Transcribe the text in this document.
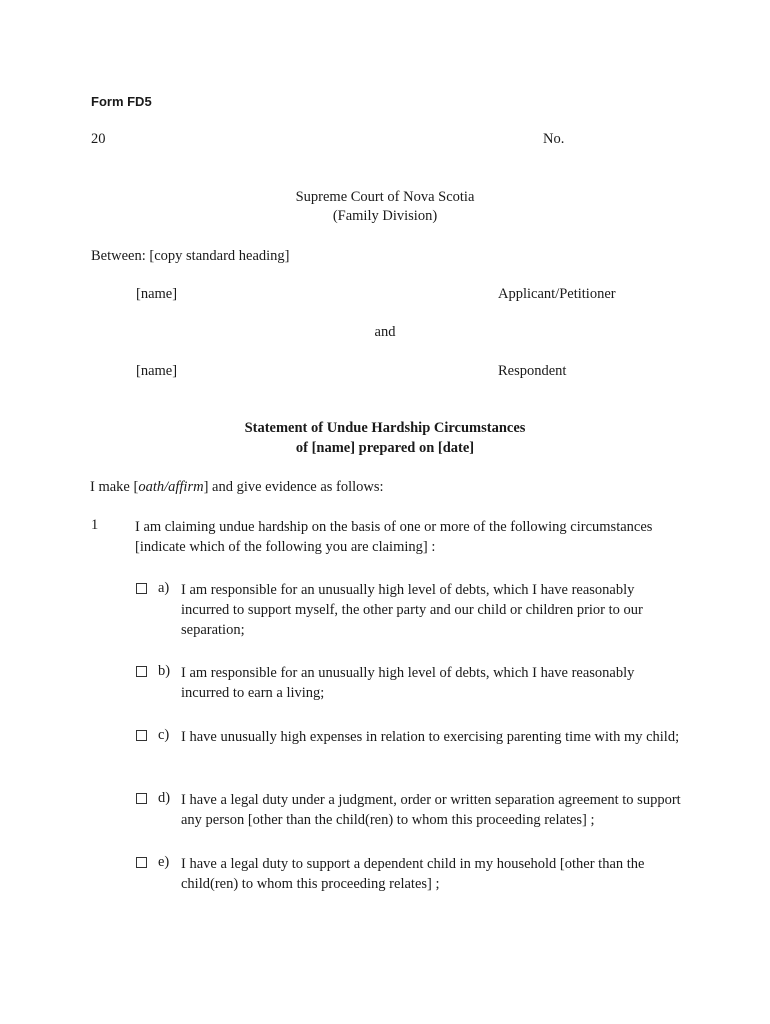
Form FD5
20	No.
Supreme Court of Nova Scotia
(Family Division)
Between: [copy standard heading]
[name]	Applicant/Petitioner
and
[name]	Respondent
Statement of Undue Hardship Circumstances
of [name] prepared on [date]
I make [oath/affirm] and give evidence as follows:
1	I am claiming undue hardship on the basis of one or more of the following circumstances [indicate which of the following you are claiming] :
a) I am responsible for an unusually high level of debts, which I have reasonably incurred to support myself, the other party and our child or children prior to our separation;
b) I am responsible for an unusually high level of debts, which I have reasonably incurred to earn a living;
c) I have unusually high expenses in relation to exercising parenting time with my child;
d) I have a legal duty under a judgment, order or written separation agreement to support any person [other than the child(ren) to whom this proceeding relates] ;
e) I have a legal duty to support a dependent child in my household [other than the child(ren) to whom this proceeding relates] ;
